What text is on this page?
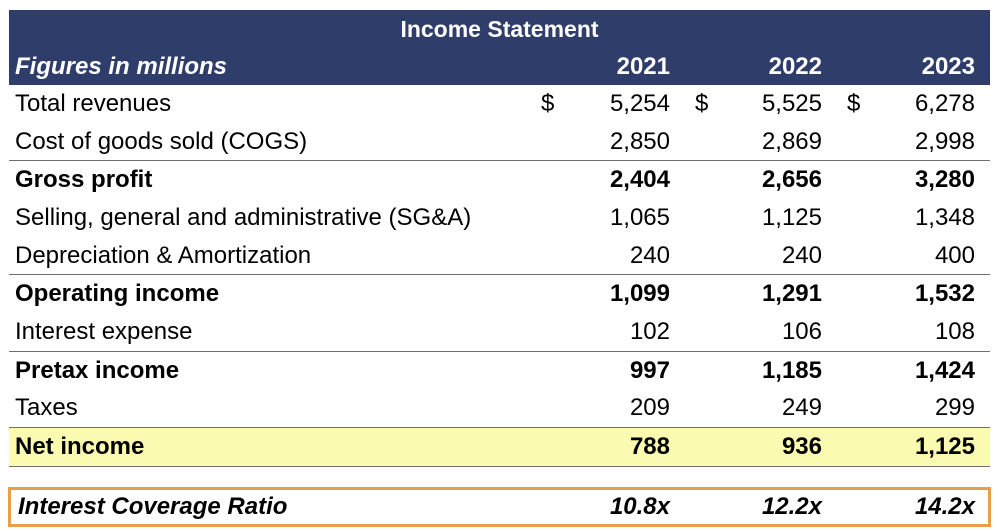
Income Statement
Figures in millions	2021	2022	2023
Total revenues	$ 5,254 $ 5,525 $ 6,278
Cost of goods sold (COGS)	2,850	2,869	2,998
Gross profit	2,404	2,656	3,280
Selling, general and administrative (SG&A)	1,065	1,125	1,348
Depreciation & Amortization	240	240	400
Operating income	1,099	1,291	1,532
Interest expense	102	106	108
Pretax income	997	1,185	1,424
Taxes	209	249	299
Net income	788	936	1,125
Interest Coverage Ratio	10.8x	12.2x	14.2x
